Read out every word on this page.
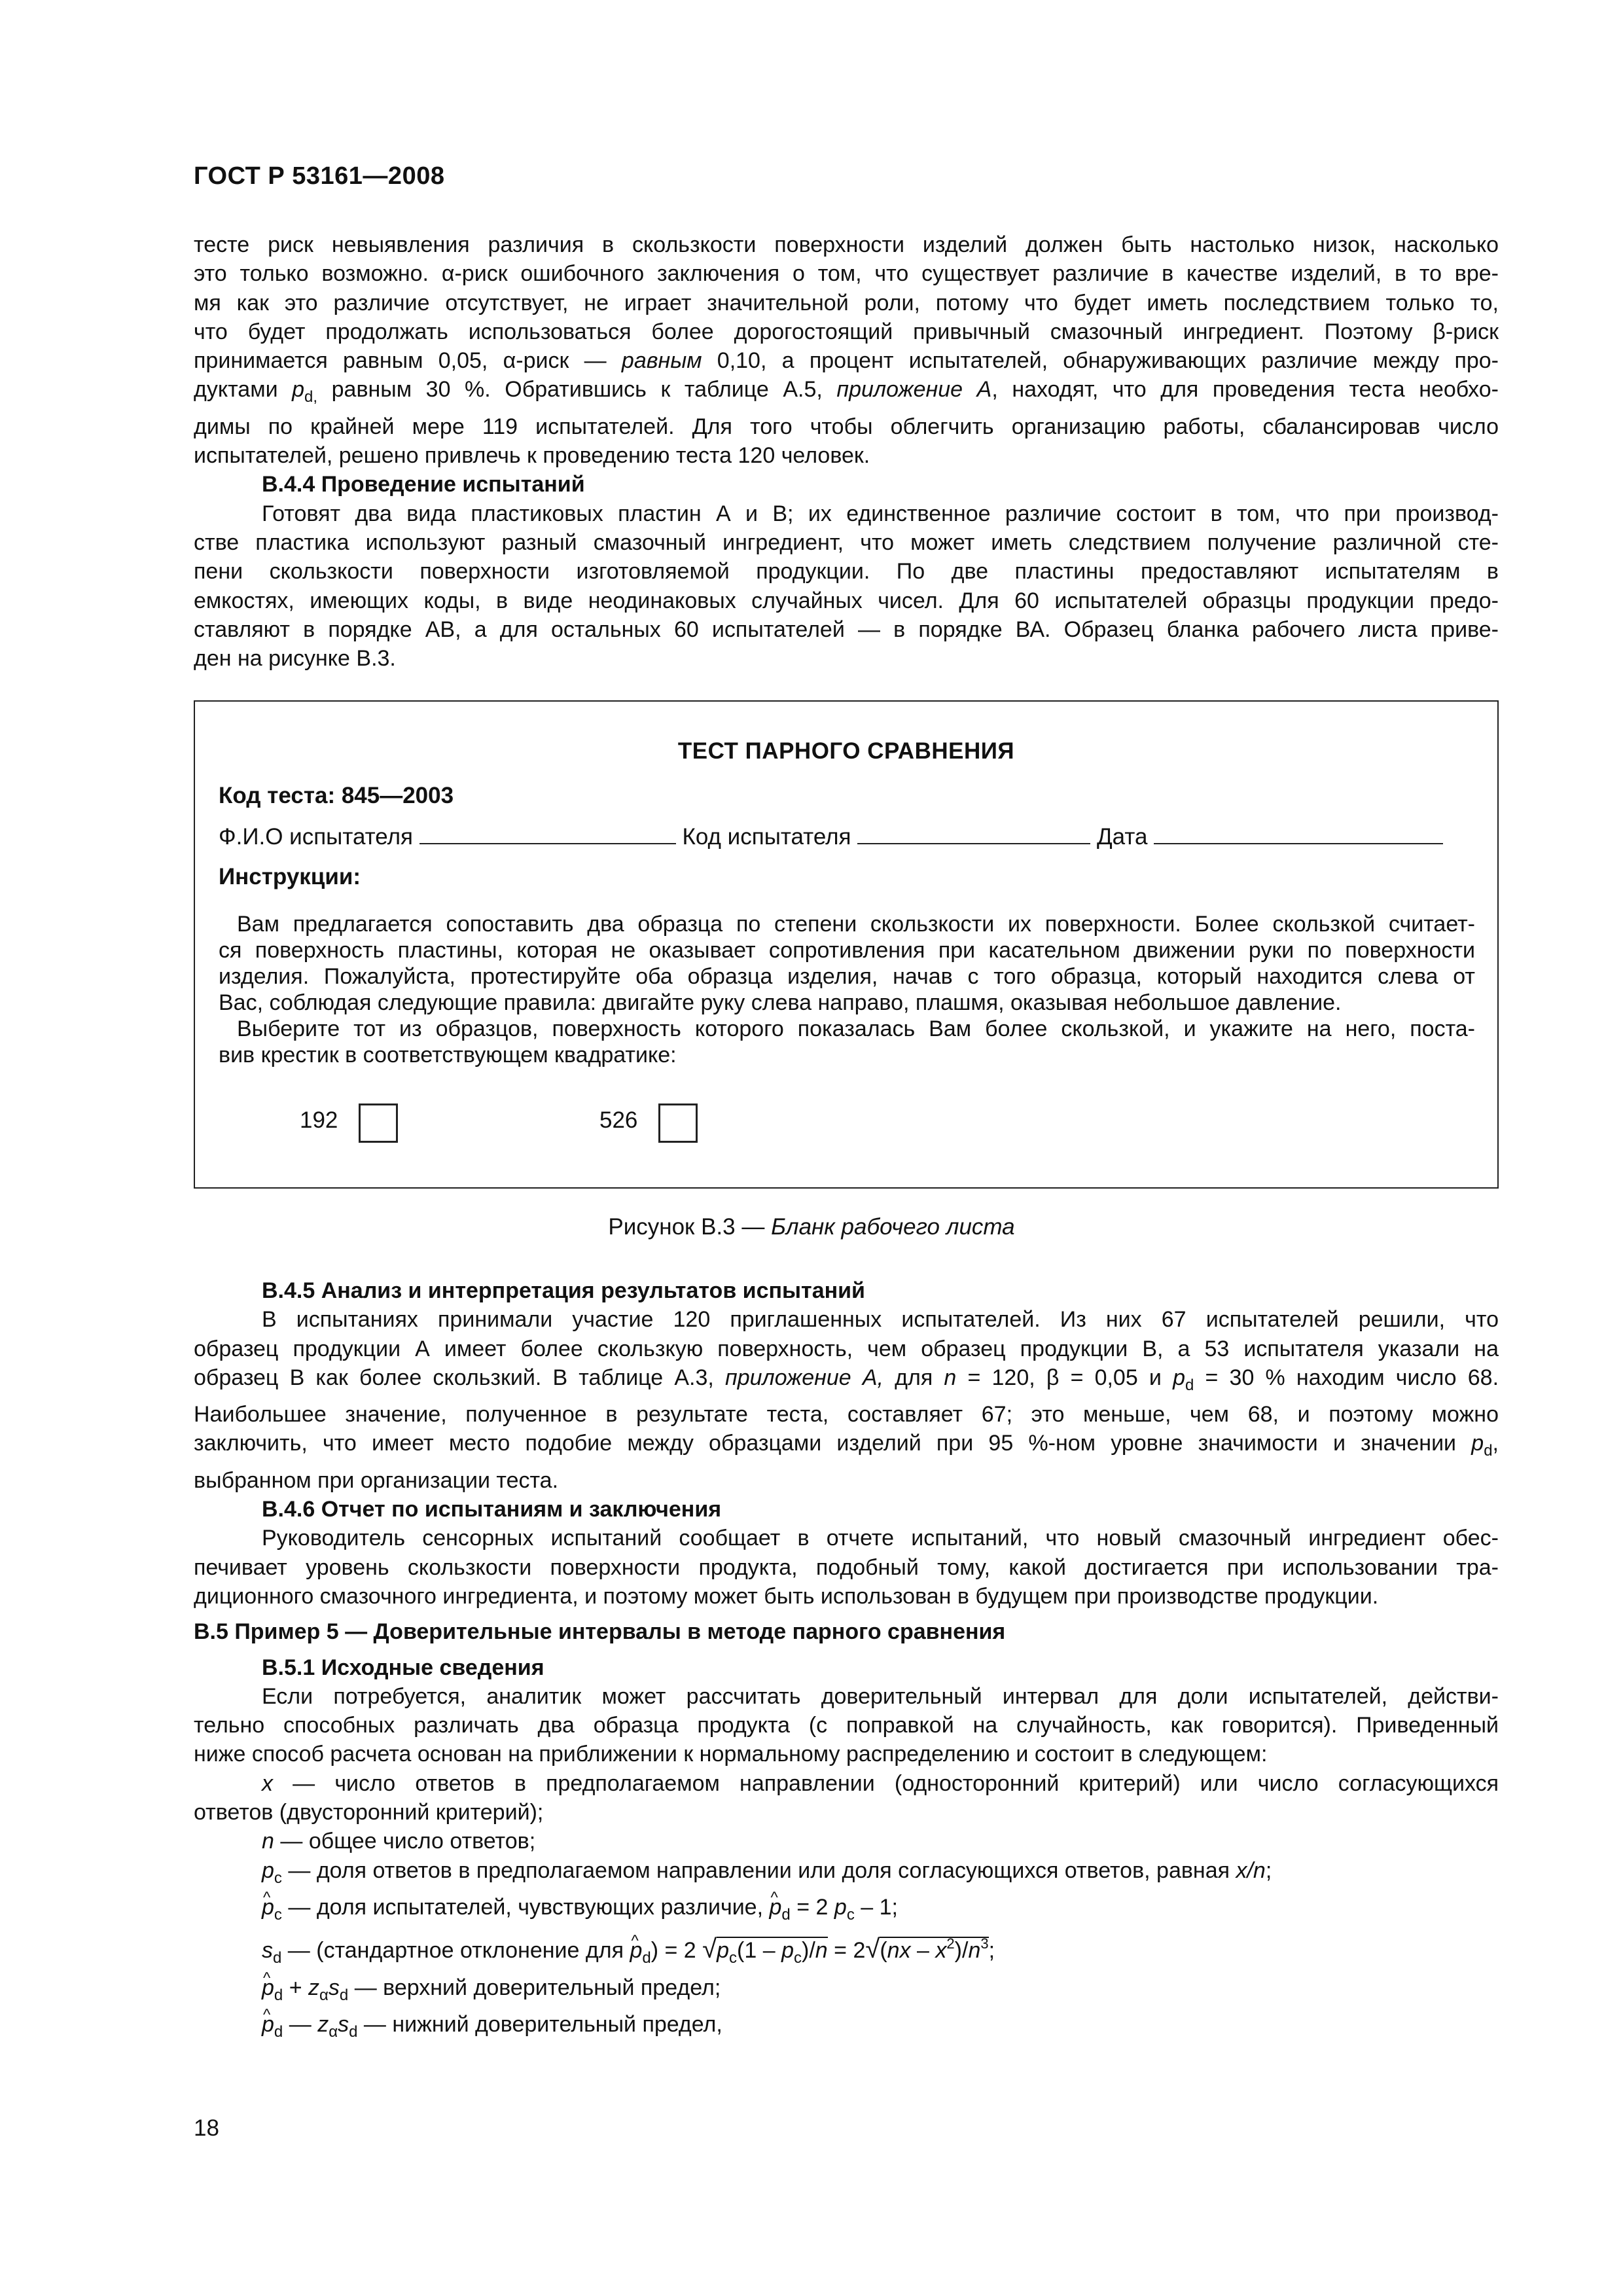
ГОСТ Р 53161—2008
тесте риск невыявления различия в скользкости поверхности изделий должен быть настолько низок, насколько
это только возможно. α-риск ошибочного заключения о том, что существует различие в качестве изделий, в то вре-
мя как это различие отсутствует, не играет значительной роли, потому что будет иметь последствием только то,
что будет продолжать использоваться более дорогостоящий привычный смазочный ингредиент. Поэтому β-риск
принимается равным 0,05, α-риск — равным 0,10, а процент испытателей, обнаруживающих различие между про-
дуктами $p_{d,}$ равным 30 %. Обратившись к таблице А.5, приложение А, находят, что для проведения теста необхо-
димы по крайней мере 119 испытателей. Для того чтобы облегчить организацию работы, сбалансировав число
испытателей, решено привлечь к проведению теста 120 человек.
В.4.4 Проведение испытаний
Готовят два вида пластиковых пластин А и В; их единственное различие состоит в том, что при производ-
стве пластика используют разный смазочный ингредиент, что может иметь следствием получение различной сте-
пени скользкости поверхности изготовляемой продукции. По две пластины предоставляют испытателям в
емкостях, имеющих коды, в виде неодинаковых случайных чисел. Для 60 испытателей образцы продукции предо-
ставляют в порядке АВ, а для остальных 60 испытателей — в порядке ВА. Образец бланка рабочего листа приве-
ден на рисунке В.3.
ТЕСТ ПАРНОГО СРАВНЕНИЯ
Код теста: 845—2003
Ф.И.О испытателя	Код испытателя	Дата
Инструкции:
Вам предлагается сопоставить два образца по степени скользкости их поверхности. Более скользкой считает-
ся поверхность пластины, которая не оказывает сопротивления при касательном движении руки по поверхности
изделия. Пожалуйста, протестируйте оба образца изделия, начав с того образца, который находится слева от
Вас, соблюдая следующие правила: двигайте руку слева направо, плашмя, оказывая небольшое давление.
Выберите тот из образцов, поверхность которого показалась Вам более скользкой, и укажите на него, поста-
вив крестик в соответствующем квадратике:
192	526
Рисунок В.3 — Бланк рабочего листа
В.4.5 Анализ и интерпретация результатов испытаний
В испытаниях принимали участие 120 приглашенных испытателей. Из них 67 испытателей решили, что
образец продукции А имеет более скользкую поверхность, чем образец продукции В, а 53 испытателя указали на
образец В как более скользкий. В таблице А.3, приложение А, для n = 120, β = 0,05 и $p_d = 30$ % находим число 68.
Наибольшее значение, полученное в результате теста, составляет 67; это меньше, чем 68, и поэтому можно
заключить, что имеет место подобие между образцами изделий при 95 %-ном уровне значимости и значении $p_d$,
выбранном при организации теста.
В.4.6 Отчет по испытаниям и заключения
Руководитель сенсорных испытаний сообщает в отчете испытаний, что новый смазочный ингредиент обес-
печивает уровень скользкости поверхности продукта, подобный тому, какой достигается при использовании тра-
диционного смазочного ингредиента, и поэтому может быть использован в будущем при производстве продукции.
В.5 Пример 5 — Доверительные интервалы в методе парного сравнения
В.5.1 Исходные сведения
Если потребуется, аналитик может рассчитать доверительный интервал для доли испытателей, действи-
тельно способных различать два образца продукта (с поправкой на случайность, как говорится). Приведенный
ниже способ расчета основан на приближении к нормальному распределению и состоит в следующем:
x — число ответов в предполагаемом направлении (односторонний критерий) или число согласующихся
ответов (двусторонний критерий);
n — общее число ответов;
$p_c$ — доля ответов в предполагаемом направлении или доля согласующихся ответов, равная x/n;
^ $p_c$ — доля испытателей, чувствующих различие, ^ $p_d = 2$ $p_c - 1$;
$s_d$ — (стандартное отклонение для ^ $p_d) = 2$ $√p_c(1 - p_c)/n = 2√(nx - x^2)/n^3$;
^ $p_d + z_\alpha s_d$ — верхний доверительный предел;
^ $p_d$ — $z_\alpha s_d$ — нижний доверительный предел,
18
